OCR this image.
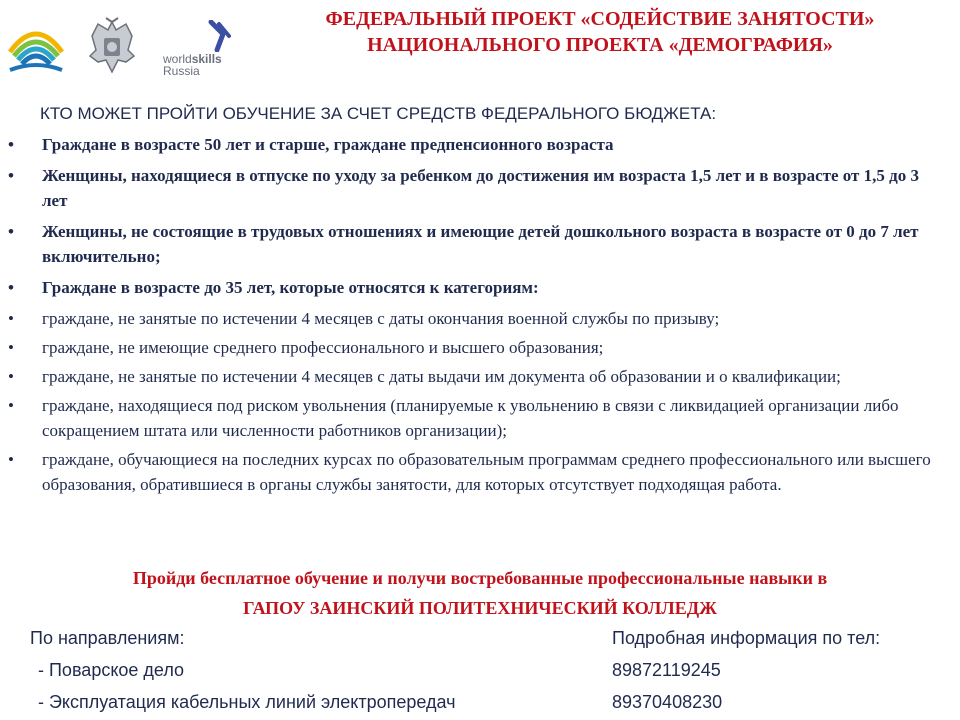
worldskills
Russia
ФЕДЕРАЛЬНЫЙ ПРОЕКТ «СОДЕЙСТВИЕ ЗАНЯТОСТИ»
НАЦИОНАЛЬНОГО ПРОЕКТА «ДЕМОГРАФИЯ»
КТО МОЖЕТ ПРОЙТИ ОБУЧЕНИЕ ЗА СЧЕТ СРЕДСТВ ФЕДЕРАЛЬНОГО БЮДЖЕТА:
• Граждане в возрасте 50 лет и старше, граждане предпенсионного возраста
• Женщины, находящиеся в отпуске по уходу за ребенком до достижения им возраста 1,5 лет и в возрасте от 1,5 до 3 лет
• Женщины, не состоящие в трудовых отношениях и имеющие детей дошкольного возраста в возрасте от 0 до 7 лет включительно;
• Граждане в возрасте до 35 лет, которые относятся к категориям:
• граждане, не занятые по истечении 4 месяцев с даты окончания военной службы по призыву;
• граждане, не имеющие среднего профессионального и высшего образования;
• граждане, не занятые по истечении 4 месяцев с даты выдачи им документа об образовании и о квалификации;
• граждане, находящиеся под риском увольнения (планируемые к увольнению в связи с ликвидацией организации либо сокращением штата или численности работников организации);
• граждане, обучающиеся на последних курсах по образовательным программам среднего профессионального или высшего образования, обратившиеся в органы службы занятости, для которых отсутствует подходящая работа.
Пройди бесплатное обучение и получи востребованные профессиональные навыки в
ГАПОУ ЗАИНСКИЙ ПОЛИТЕХНИЧЕСКИЙ КОЛЛЕДЖ
По направлениям:
- Поварское дело
- Эксплуатация кабельных линий электропередач
Подробная информация по тел:
89872119245
89370408230
